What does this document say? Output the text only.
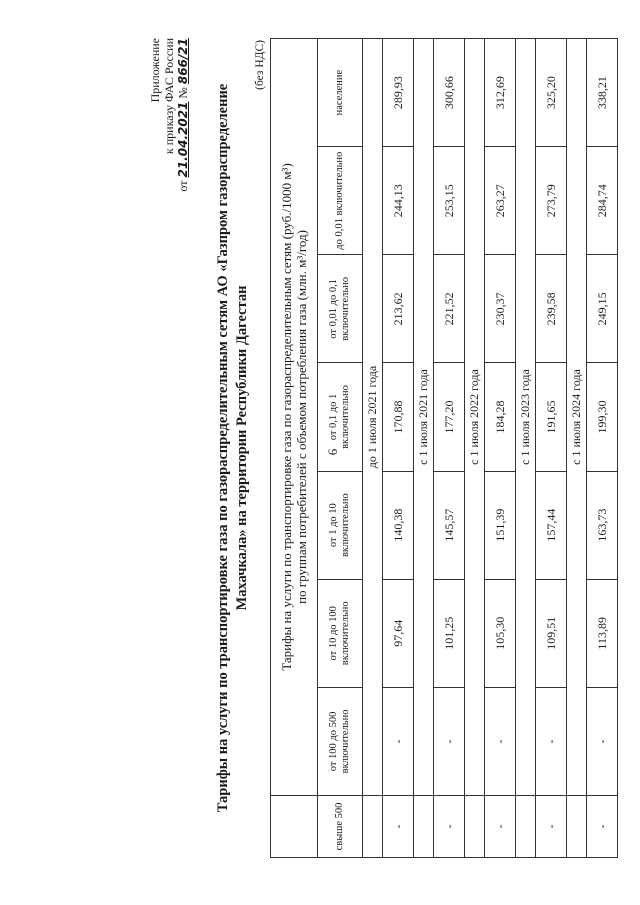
6
Приложение к приказу ФАС России
от 21.04.2021 № 866/21
Тарифы на услуги по транспортировке газа по газораспределительным сетям АО «Газпром газораспределение Махачкала» на территории Республики Дагестан
(без НДС)

	Тарифы на услуги по транспортировке газа по газораспределительным сетям (руб./1000 м³) по группам потребителей с объемом потребления газа (млн. м³/год)						

свыше 500	от 100 до 500 включительно	от 10 до 100 включительно	от 1 до 10 включительно	от 0,1 до 1 включительно	от 0,01 до 0,1 включительно	до 0,01 включительно	население
	до 1 июля 2021 года						
-	-	97,64	140,38	170,88	213,62	244,13	289,93
	с 1 июля 2021 года						
-	-	101,25	145,57	177,20	221,52	253,15	300,66
	с 1 июля 2022 года						
-	-	105,30	151,39	184,28	230,37	263,27	312,69
	с 1 июля 2023 года						
-	-	109,51	157,44	191,65	239,58	273,79	325,20
	с 1 июля 2024 года						
-	-	113,89	163,73	199,30	249,15	284,74	338,21
